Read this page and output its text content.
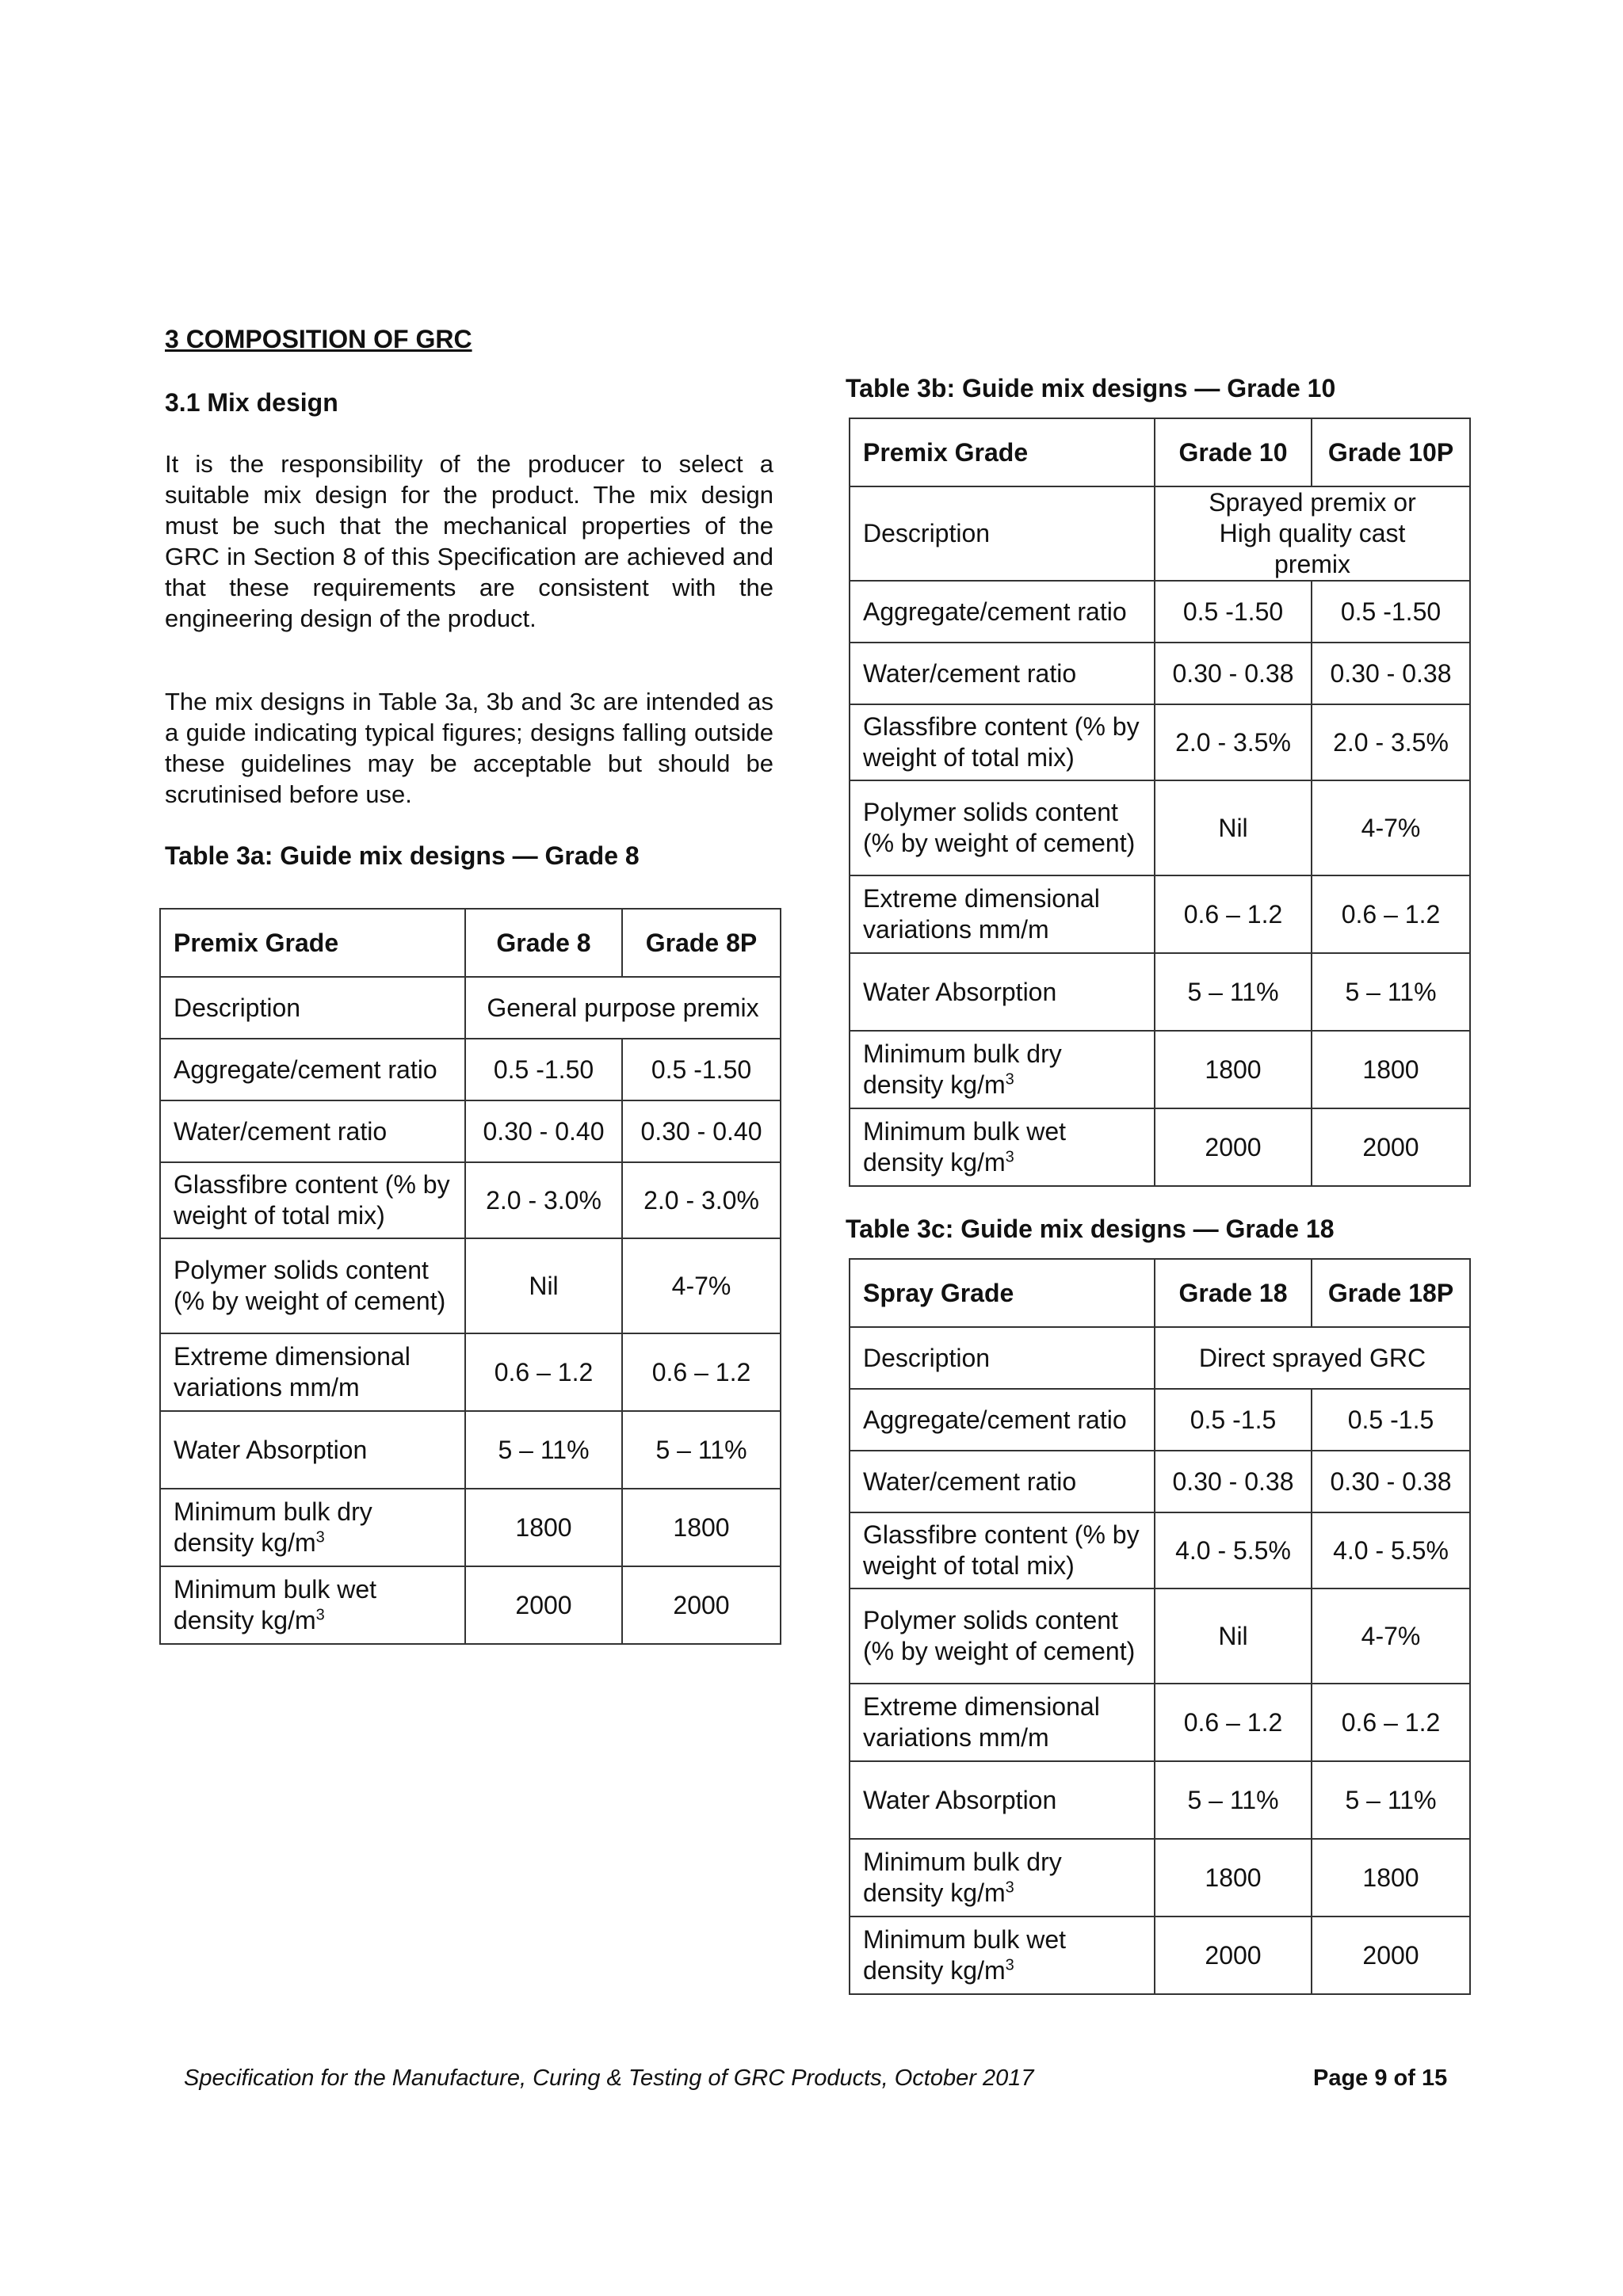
3 COMPOSITION OF GRC
3.1 Mix design

It is the responsibility of the producer to select a suitable mix design for the product. The mix design must be such that the mechanical properties of the GRC in Section 8 of this Specification are achieved and that these requirements are consistent with the engineering design of the product.

The mix designs in Table 3a, 3b and 3c are intended as a guide indicating typical figures; designs falling outside these guidelines may be acceptable but should be scrutinised before use.

Table 3a: Guide mix designs — Grade 8
Premix Grade	Grade 8	Grade 8P
Description	General purpose premix	
Aggregate/cement ratio	0.5 -1.50	0.5 -1.50
Water/cement ratio	0.30 - 0.40	0.30 - 0.40
Glassfibre content (% by weight of total mix)	2.0 - 3.0%	2.0 - 3.0%
Polymer solids content (% by weight of cement)	Nil	4-7%
Extreme dimensional variations mm/m	0.6 – 1.2	0.6 – 1.2
Water Absorption	5 – 11%	5 – 11%
Minimum bulk dry density $kg/m^3$	1800	1800
Minimum bulk wet density $kg/m^3$	2000	2000
Table 3b: Guide mix designs — Grade 10
Premix Grade	Grade 10	Grade 10P
Description	Sprayed premix or High quality cast premix	
Aggregate/cement ratio	0.5 -1.50	0.5 -1.50
Water/cement ratio	0.30 - 0.38	0.30 - 0.38
Glassfibre content (% by weight of total mix)	2.0 - 3.5%	2.0 - 3.5%
Polymer solids content (% by weight of cement)	Nil	4-7%
Extreme dimensional variations mm/m	0.6 – 1.2	0.6 – 1.2
Water Absorption	5 – 11%	5 – 11%
Minimum bulk dry density $kg/m^3$	1800	1800
Minimum bulk wet density $kg/m^3$	2000	2000
Table 3c: Guide mix designs — Grade 18
Spray Grade	Grade 18	Grade 18P
Description	Direct sprayed GRC	
Aggregate/cement ratio	0.5 -1.5	0.5 -1.5
Water/cement ratio	0.30 - 0.38	0.30 - 0.38
Glassfibre content (% by weight of total mix)	4.0 - 5.5%	4.0 - 5.5%
Polymer solids content (% by weight of cement)	Nil	4-7%
Extreme dimensional variations mm/m	0.6 – 1.2	0.6 – 1.2
Water Absorption	5 – 11%	5 – 11%
Minimum bulk dry density $kg/m^3$	1800	1800
Minimum bulk wet density $kg/m^3$	2000	2000
Specification for the Manufacture, Curing & Testing of GRC Products, October 2017	Page 9 of 15
